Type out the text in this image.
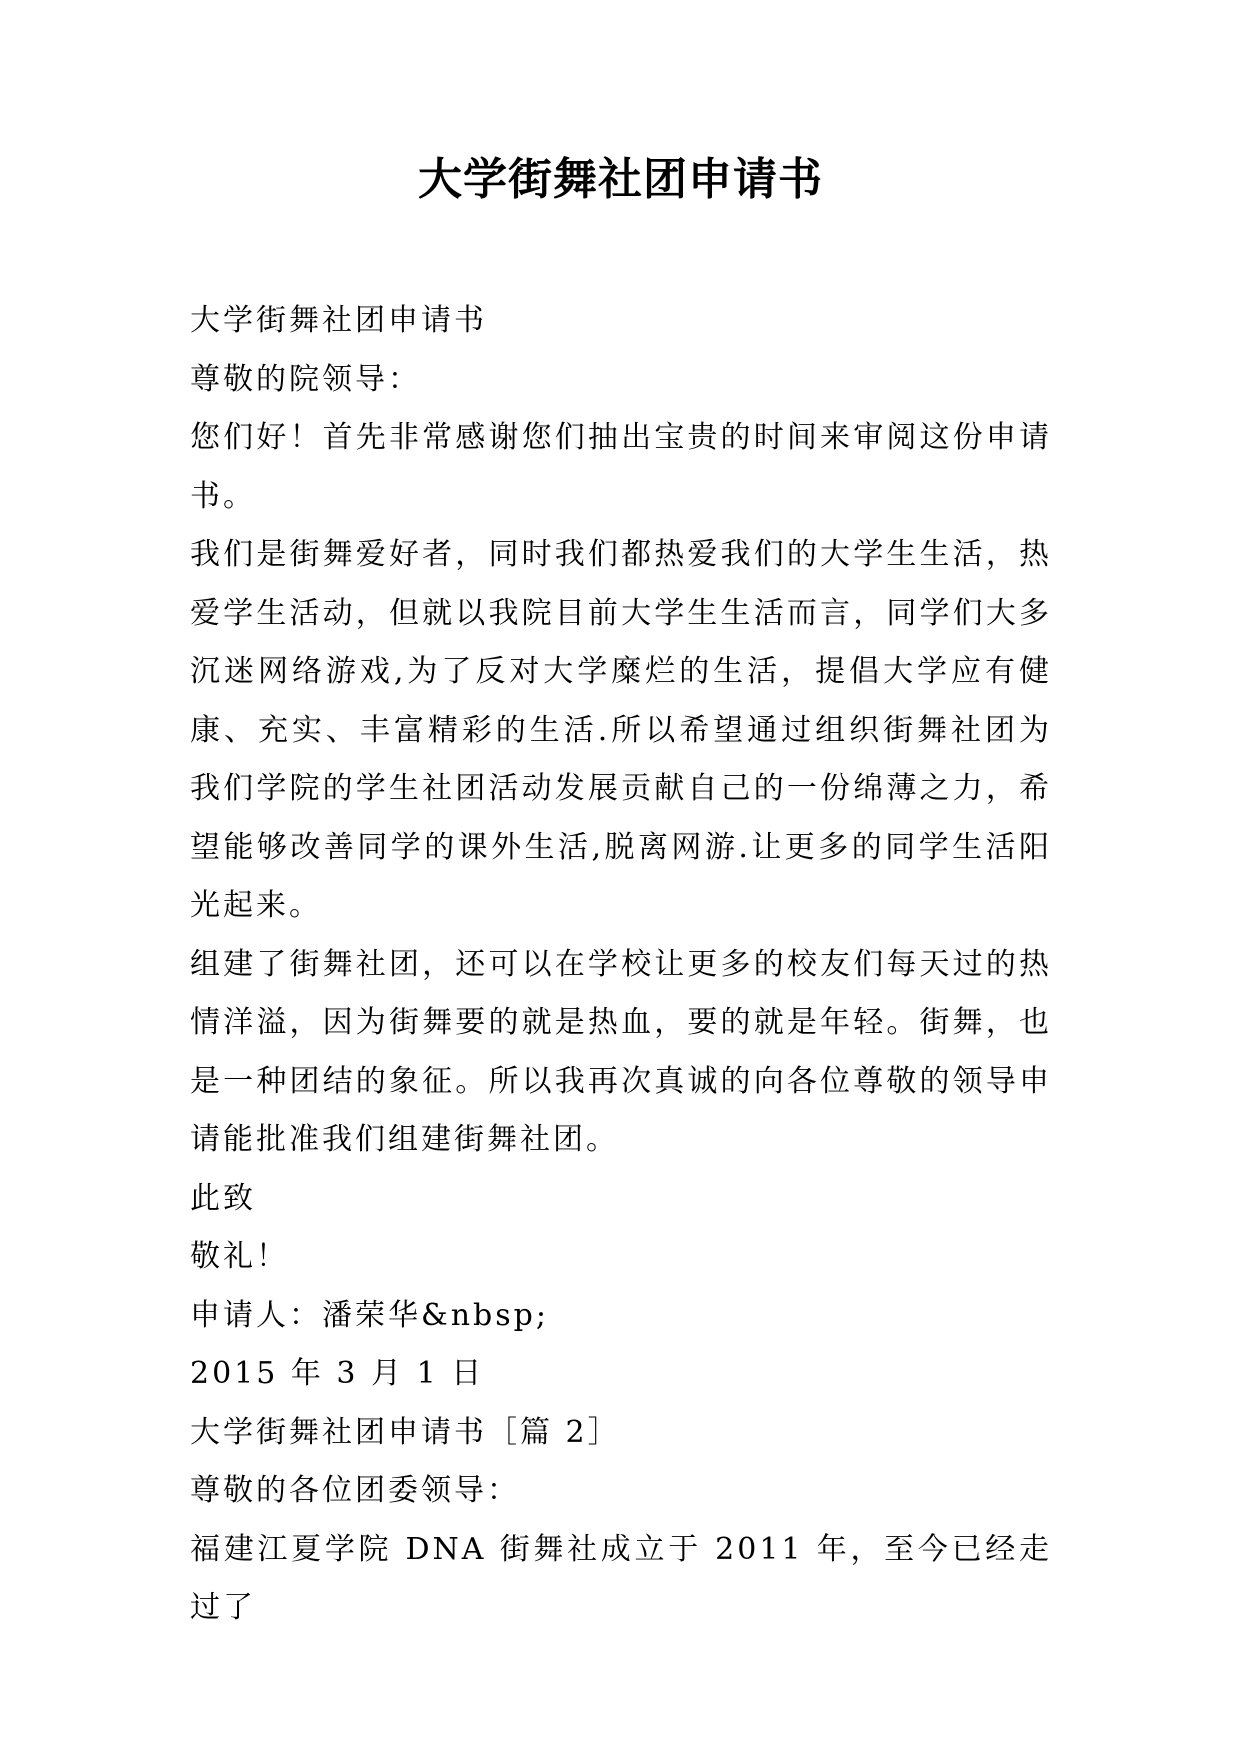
大学街舞社团申请书

大学街舞社团申请书

尊敬的院领导：

您们好！首先非常感谢您们抽出宝贵的时间来审阅这份申请书。

我们是街舞爱好者，同时我们都热爱我们的大学生生活，热爱学生活动，但就以我院目前大学生生活而言，同学们大多沉迷网络游戏,为了反对大学糜烂的生活，提倡大学应有健康、充实、丰富精彩的生活.所以希望通过组织街舞社团为我们学院的学生社团活动发展贡献自己的一份绵薄之力，希望能够改善同学的课外生活,脱离网游.让更多的同学生活阳光起来。

组建了街舞社团，还可以在学校让更多的校友们每天过的热情洋溢，因为街舞要的就是热血，要的就是年轻。街舞，也是一种团结的象征。所以我再次真诚的向各位尊敬的领导申请能批准我们组建街舞社团。

此致

敬礼！

申请人：潘荣华&nbsp;

2015 年 3 月 1 日

大学街舞社团申请书［篇 2］

尊敬的各位团委领导：

福建江夏学院 DNA 街舞社成立于 2011 年，至今已经走过了
